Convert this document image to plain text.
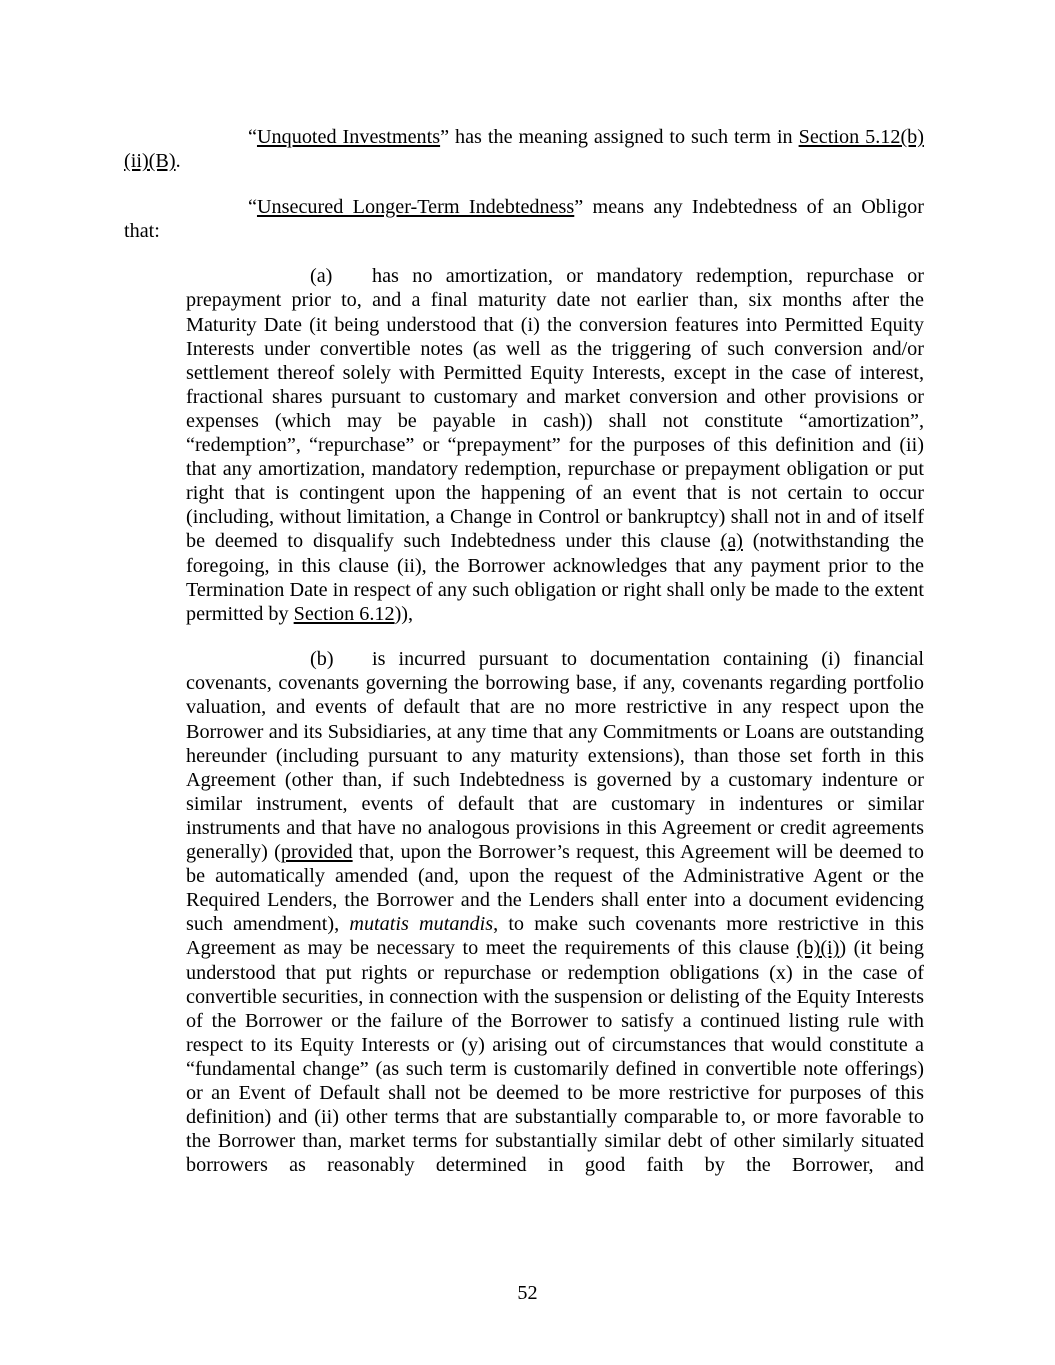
“Unquoted Investments” has the meaning assigned to such term in Section 5.12(b)(ii)(B).

“Unsecured Longer-Term Indebtedness” means any Indebtedness of an Obligor that:

(a) has no amortization, or mandatory redemption, repurchase or prepayment prior to, and a final maturity date not earlier than, six months after the Maturity Date (it being understood that (i) the conversion features into Permitted Equity Interests under convertible notes (as well as the triggering of such conversion and/or settlement thereof solely with Permitted Equity Interests, except in the case of interest, fractional shares pursuant to customary and market conversion and other provisions or expenses (which may be payable in cash)) shall not constitute “amortization”, “redemption”, “repurchase” or “prepayment” for the purposes of this definition and (ii) that any amortization, mandatory redemption, repurchase or prepayment obligation or put right that is contingent upon the happening of an event that is not certain to occur (including, without limitation, a Change in Control or bankruptcy) shall not in and of itself be deemed to disqualify such Indebtedness under this clause (a) (notwithstanding the foregoing, in this clause (ii), the Borrower acknowledges that any payment prior to the Termination Date in respect of any such obligation or right shall only be made to the extent permitted by Section 6.12)),

(b) is incurred pursuant to documentation containing (i) financial covenants, covenants governing the borrowing base, if any, covenants regarding portfolio valuation, and events of default that are no more restrictive in any respect upon the Borrower and its Subsidiaries, at any time that any Commitments or Loans are outstanding hereunder (including pursuant to any maturity extensions), than those set forth in this Agreement (other than, if such Indebtedness is governed by a customary indenture or similar instrument, events of default that are customary in indentures or similar instruments and that have no analogous provisions in this Agreement or credit agreements generally) (provided that, upon the Borrower’s request, this Agreement will be deemed to be automatically amended (and, upon the request of the Administrative Agent or the Required Lenders, the Borrower and the Lenders shall enter into a document evidencing such amendment), mutatis mutandis, to make such covenants more restrictive in this Agreement as may be necessary to meet the requirements of this clause (b)(i)) (it being understood that put rights or repurchase or redemption obligations (x) in the case of convertible securities, in connection with the suspension or delisting of the Equity Interests of the Borrower or the failure of the Borrower to satisfy a continued listing rule with respect to its Equity Interests or (y) arising out of circumstances that would constitute a “fundamental change” (as such term is customarily defined in convertible note offerings) or an Event of Default shall not be deemed to be more restrictive for purposes of this definition) and (ii) other terms that are substantially comparable to, or more favorable to the Borrower than, market terms for substantially similar debt of other similarly situated borrowers as reasonably determined in good faith by the Borrower, and

52
